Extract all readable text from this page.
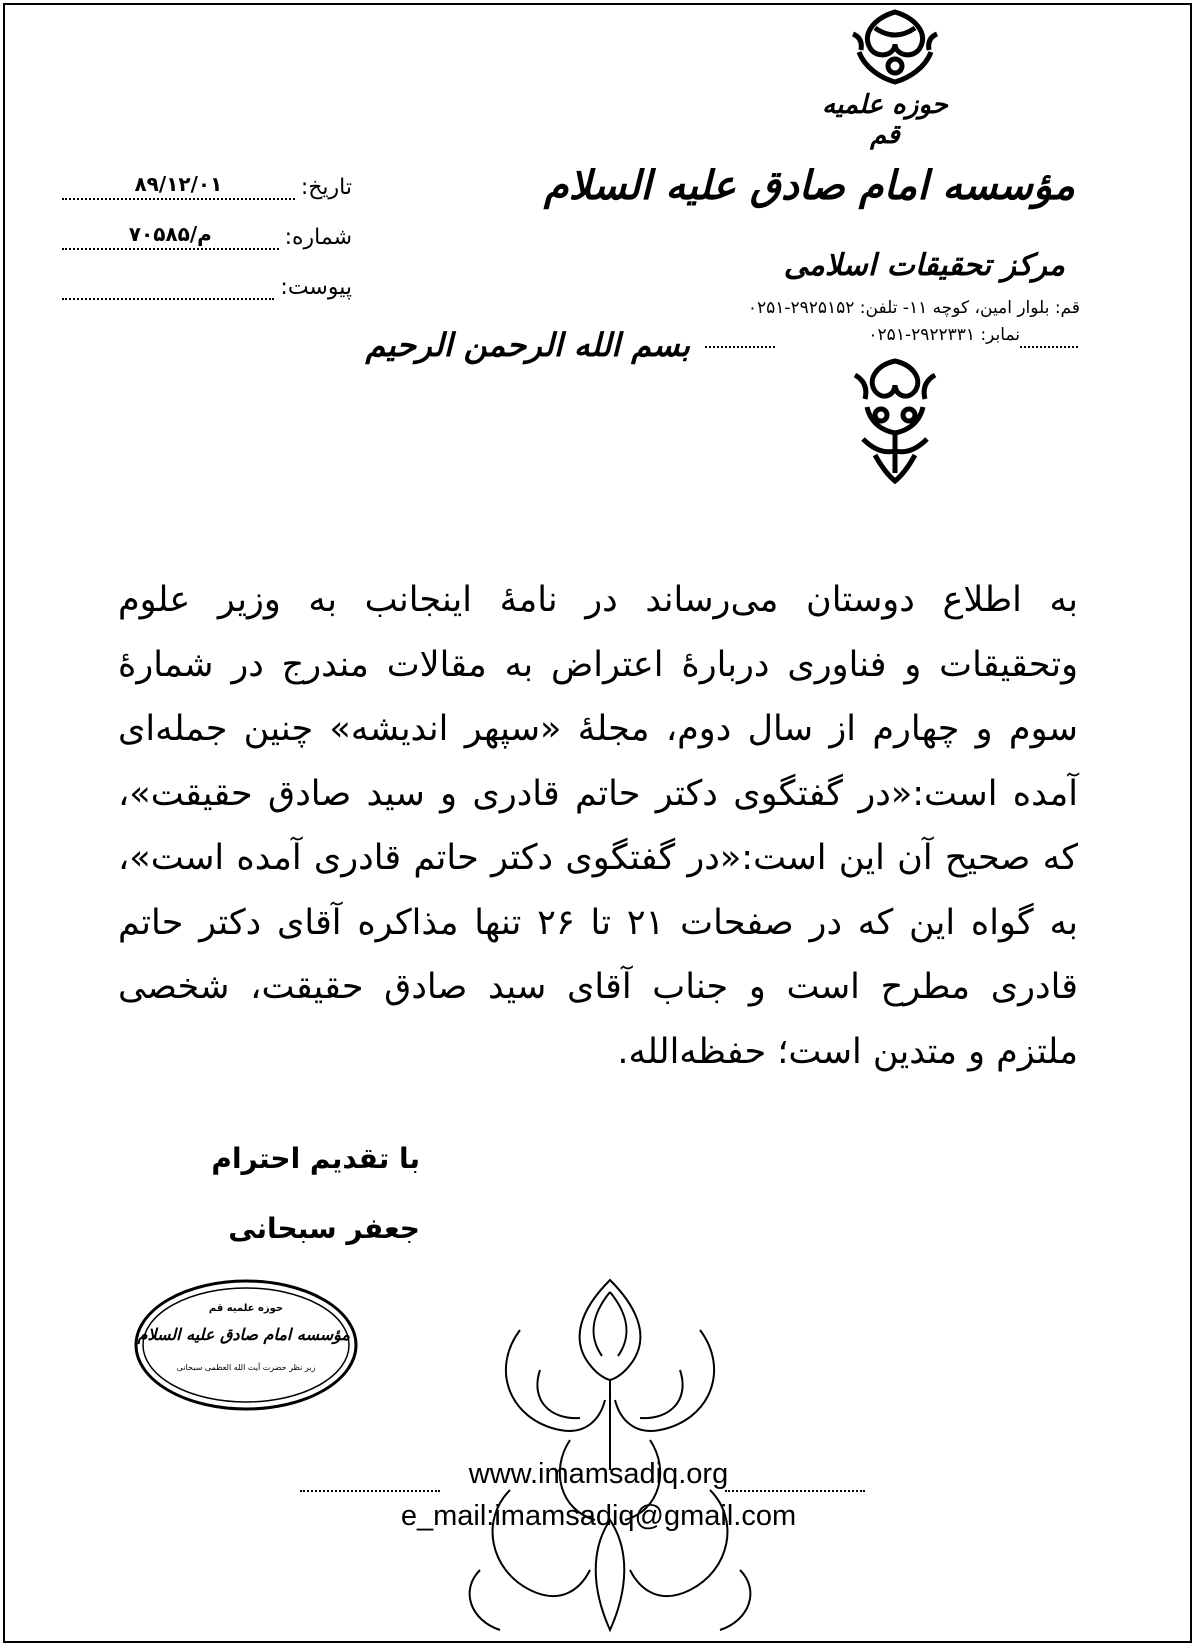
حوزه علمیه قم
مؤسسه امام صادق علیه السلام
مرکز تحقیقات اسلامی
قم: بلوار امین، کوچه ۱۱- تلفن: ۲۹۲۵۱۵۲-۰۲۵۱
نمابر: ۲۹۲۲۳۳۱-۰۲۵۱
بسم الله الرحمن الرحیم
تاریخ:
۸۹/۱۲/۰۱
شماره:
م/۷۰۵۸۵
پیوست:

به اطلاع دوستان می‌رساند در نامهٔ اینجانب به وزیر علوم وتحقیقات و فناوری دربارهٔ اعتراض به مقالات مندرج در شمارهٔ سوم و چهارم از سال دوم، مجلهٔ «سپهر اندیشه» چنین جمله‌ای آمده است:«در گفتگوی دکتر حاتم قادری و سید صادق حقیقت»، که صحیح آن این است:«در گفتگوی دکتر حاتم قادری آمده است»، به گواه این که در صفحات ۲۱ تا ۲۶ تنها مذاکره آقای دکتر حاتم قادری مطرح است و جناب آقای سید صادق حقیقت، شخصی ملتزم و متدین است؛ حفظه‌الله.

با تقدیم احترام
جعفر سبحانی
حوزه علمیه قم
مؤسسه امام صادق علیه السلام
زیر نظر حضرت آیت الله العظمی سبحانی
www.imamsadiq.org
e_mail:imamsadiq@gmail.com
